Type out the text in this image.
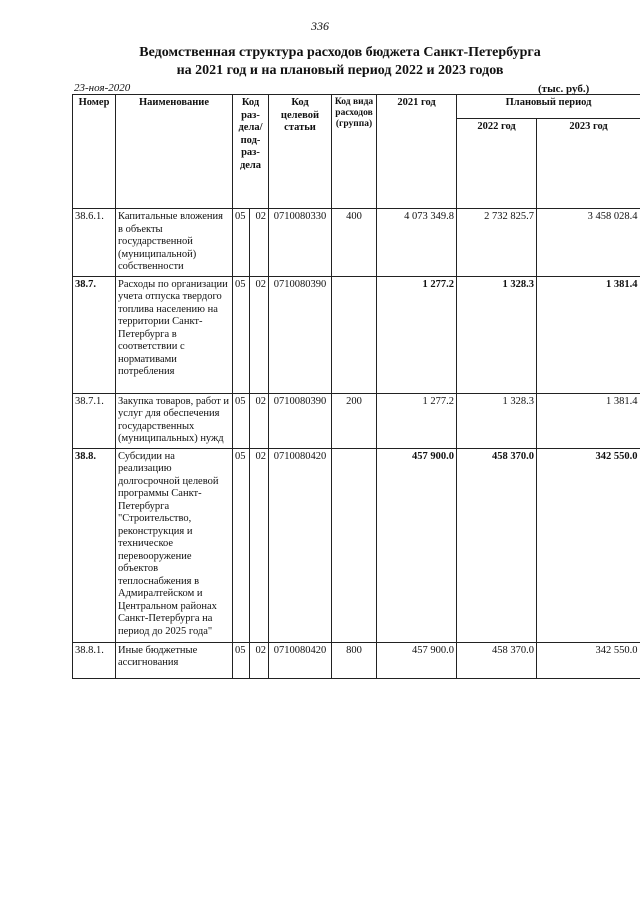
336
Ведомственная структура расходов бюджета Санкт-Петербурга
на 2021 год и на плановый период 2022 и 2023 годов
23-ноя-2020	(тыс. руб.)
Номер	Наименование	Код раз- дела/ под- раз- дела		Код целевой статьи	Код вида расходов (группа)	2021 год	Плановый период	
							2022 год	2023 год
38.6.1.	Капитальные вложения в объекты государственной (муниципальной) собственности	05	02	0710080330	400	4 073 349.8	2 732 825.7	3 458 028.4
38.7.	Расходы по организации учета отпуска твердого топлива населению на территории Санкт-Петербурга в соответствии с нормативами потребления	05	02	0710080390		1 277.2	1 328.3	1 381.4
38.7.1.	Закупка товаров, работ и услуг для обеспечения государственных (муниципальных) нужд	05	02	0710080390	200	1 277.2	1 328.3	1 381.4
38.8.	Субсидии на реализацию долгосрочной целевой программы Санкт-Петербурга "Строительство, реконструкция и техническое перевооружение объектов теплоснабжения в Адмиралтейском и Центральном районах Санкт-Петербурга на период до 2025 года"	05	02	0710080420		457 900.0	458 370.0	342 550.0
38.8.1.	Иные бюджетные ассигнования	05	02	0710080420	800	457 900.0	458 370.0	342 550.0
